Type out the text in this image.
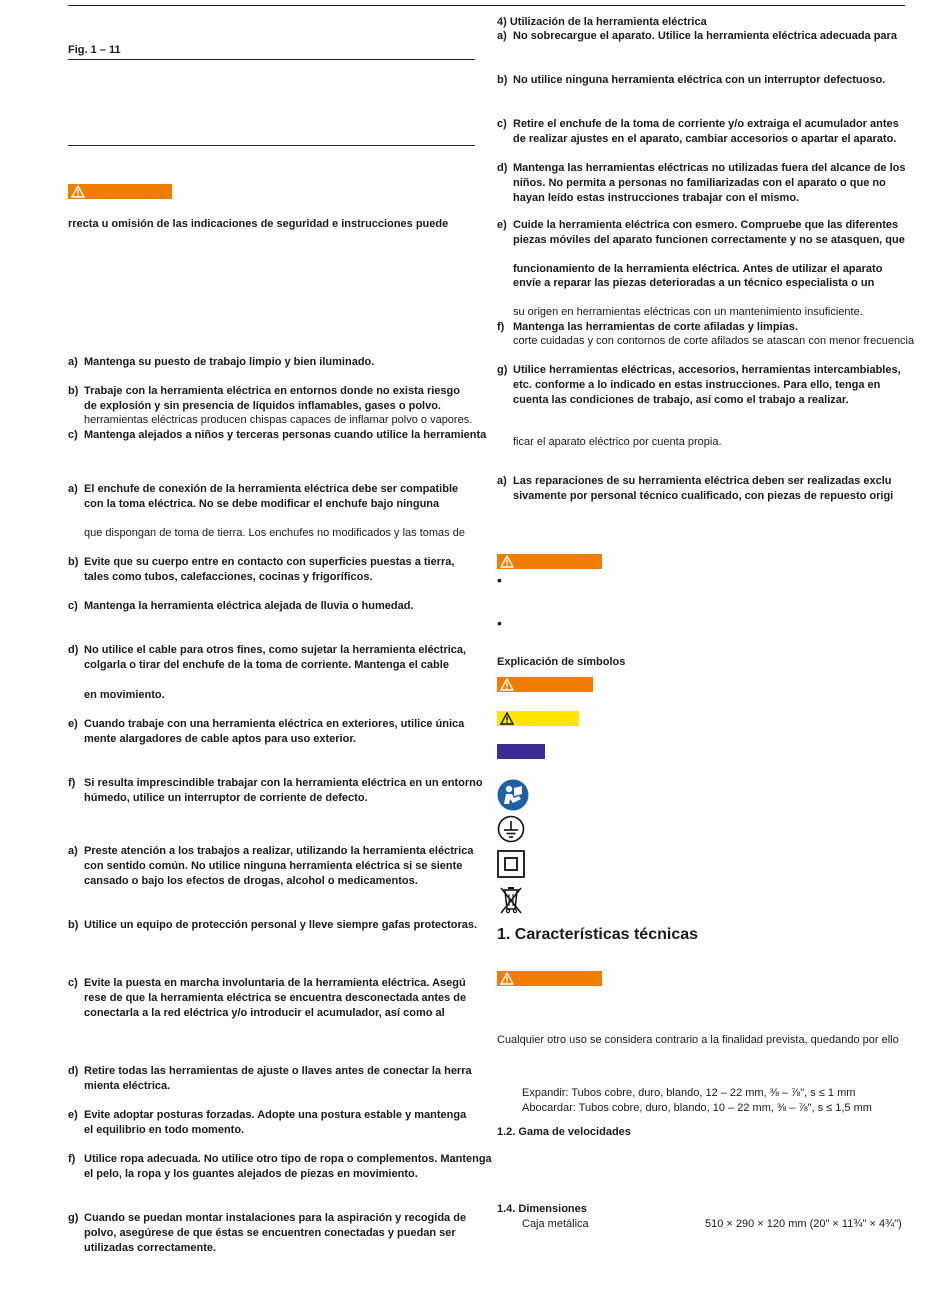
Fig. 1 – 11
rrecta u omisión de las indicaciones de seguridad e instrucciones puede
a) Mantenga su puesto de trabajo limpio y bien iluminado.
b) Trabaje con la herramienta eléctrica en entornos donde no exista riesgo
de explosión y sin presencia de líquidos inflamables, gases o polvo.
herramientas eléctricas producen chispas capaces de inflamar polvo o vapores.
c) Mantenga alejados a niños y terceras personas cuando utilice la herramienta
a) El enchufe de conexión de la herramienta eléctrica debe ser compatible
con la toma eléctrica. No se debe modificar el enchufe bajo ninguna
que dispongan de toma de tierra. Los enchufes no modificados y las tomas de
b) Evite que su cuerpo entre en contacto con superficies puestas a tierra,
tales como tubos, calefacciones, cocinas y frigoríficos.
c) Mantenga la herramienta eléctrica alejada de lluvia o humedad.
d) No utilice el cable para otros fines, como sujetar la herramienta eléctrica,
colgarla o tirar del enchufe de la toma de corriente. Mantenga el cable
en movimiento.
e) Cuando trabaje con una herramienta eléctrica en exteriores, utilice única
mente alargadores de cable aptos para uso exterior.
f) Si resulta imprescindible trabajar con la herramienta eléctrica en un entorno
húmedo, utilice un interruptor de corriente de defecto.
a) Preste atención a los trabajos a realizar, utilizando la herramienta eléctrica
con sentido común. No utilice ninguna herramienta eléctrica si se siente
cansado o bajo los efectos de drogas, alcohol o medicamentos.
b) Utilice un equipo de protección personal y lleve siempre gafas protectoras.
c) Evite la puesta en marcha involuntaria de la herramienta eléctrica. Asegú
rese de que la herramienta eléctrica se encuentra desconectada antes de
conectarla a la red eléctrica y/o introducir el acumulador, así como al
d) Retire todas las herramientas de ajuste o llaves antes de conectar la herra
mienta eléctrica.
e) Evite adoptar posturas forzadas. Adopte una postura estable y mantenga
el equilibrio en todo momento.
f) Utilice ropa adecuada. No utilice otro tipo de ropa o complementos. Mantenga
el pelo, la ropa y los guantes alejados de piezas en movimiento.
g) Cuando se puedan montar instalaciones para la aspiración y recogida de
polvo, asegúrese de que éstas se encuentren conectadas y puedan ser
utilizadas correctamente.
4) Utilización de la herramienta eléctrica
a) No sobrecargue el aparato. Utilice la herramienta eléctrica adecuada para
b) No utilice ninguna herramienta eléctrica con un interruptor defectuoso.
c) Retire el enchufe de la toma de corriente y/o extraiga el acumulador antes
de realizar ajustes en el aparato, cambiar accesorios o apartar el aparato.
d) Mantenga las herramientas eléctricas no utilizadas fuera del alcance de los
niños. No permita a personas no familiarizadas con el aparato o que no
hayan leído estas instrucciones trabajar con el mismo.
e) Cuide la herramienta eléctrica con esmero. Compruebe que las diferentes
piezas móviles del aparato funcionen correctamente y no se atasquen, que
funcionamiento de la herramienta eléctrica. Antes de utilizar el aparato
envíe a reparar las piezas deterioradas a un técnico especialista o un
su origen en herramientas eléctricas con un mantenimiento insuficiente.
f) Mantenga las herramientas de corte afiladas y limpias.
corte cuidadas y con contornos de corte afilados se atascan con menor frecuencia
g) Utilice herramientas eléctricas, accesorios, herramientas intercambiables,
etc. conforme a lo indicado en estas instrucciones. Para ello, tenga en
cuenta las condiciones de trabajo, así como el trabajo a realizar.
ficar el aparato eléctrico por cuenta propia.
a) Las reparaciones de su herramienta eléctrica deben ser realizadas exclu
sivamente por personal técnico cualificado, con piezas de repuesto origi
•
•
Explicación de símbolos
1. Características técnicas
Cualquier otro uso se considera contrario a la finalidad prevista, quedando por ello
Expandir: Tubos cobre, duro, blando, 12 – 22 mm, ⅜ – ⅞", s ≤ 1 mm
Abocardar: Tubos cobre, duro, blando, 10 – 22 mm, ⅜ – ⅞", s ≤ 1,5 mm
1.2. Gama de velocidades
1.4. Dimensiones
Caja metálica	510 × 290 × 120 mm (20" × 11¾" × 4¾")
